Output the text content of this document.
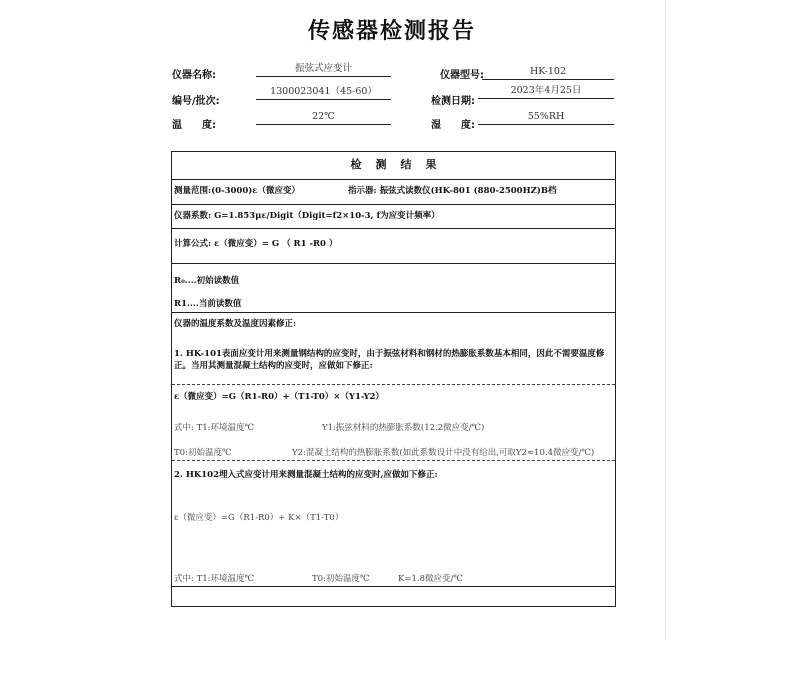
传感器检测报告
仪器名称:
振弦式应变计
仪器型号:	HK-102
编号/批次:
1300023041（45-60）
检测日期:
2023年4月25日
温　　度:
22℃
湿　　度:
55%RH
检测结果
测量范围:(0-3000)ε（微应变）	指示器: 振弦式读数仪(HK-801 (880-2500HZ)B档
仪器系数: G=1.853με/Digit（Digit=f2×10-3, f为应变计频率）
计算公式: ε（微应变）= G （ R1 -R0 ）
R₀....初始读数值
R1....当前读数值
仪器的温度系数及温度因素修正:
1. HK-101表面应变计用来测量钢结构的应变时，由于振弦材料和钢材的热膨胀系数基本相同，因此不需要温度修正。当用其测量混凝土结构的应变时，应做如下修正:
ε（微应变）=G（R1-R0）+（T1-T0）×（Y1-Y2）
式中: T1:环境温度℃	Y1:振弦材料的热膨胀系数(12.2微应变/℃)
T0:初始温度℃	Y2:混凝土结构的热膨胀系数(如此系数设计中没有给出,可取Y2≈10.4微应变/℃)
2. HK102埋入式应变计用来测量混凝土结构的应变时,应做如下修正:
ε（微应变）=G（R1-R0）+ K×（T1-T0）
式中: T1:环境温度℃	T0:初始温度℃	K=1.8微应变/℃
